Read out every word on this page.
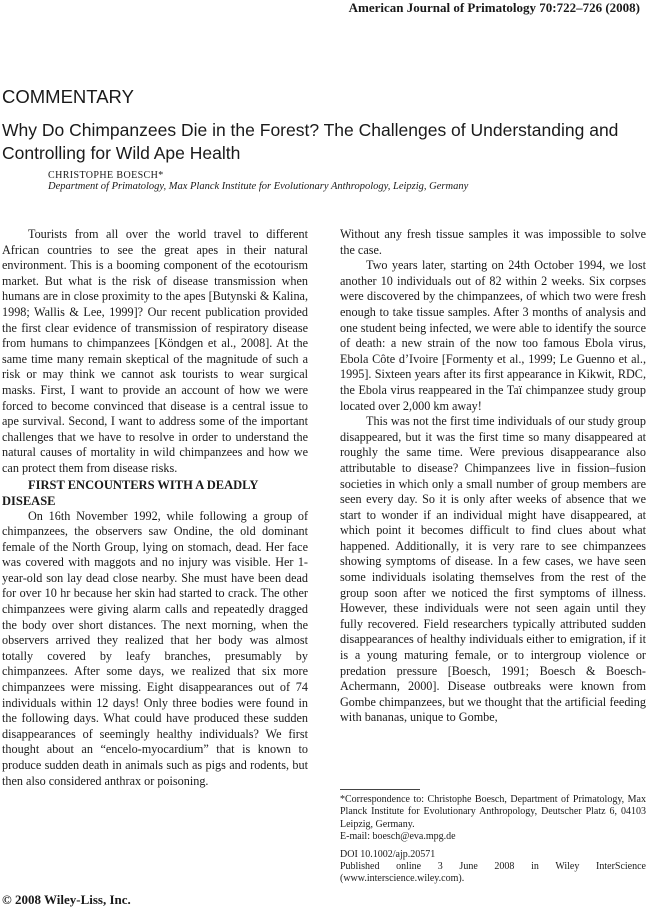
American Journal of Primatology 70:722–726 (2008)
COMMENTARY
Why Do Chimpanzees Die in the Forest? The Challenges of Understanding and Controlling for Wild Ape Health
CHRISTOPHE BOESCH*
Department of Primatology, Max Planck Institute for Evolutionary Anthropology, Leipzig, Germany

Tourists from all over the world travel to different African countries to see the great apes in their natural environment. This is a booming component of the ecotourism market. But what is the risk of disease transmission when humans are in close proximity to the apes [Butynski & Kalina, 1998; Wallis & Lee, 1999]? Our recent publication provided the first clear evidence of transmission of respiratory disease from humans to chimpanzees [Köndgen et al., 2008]. At the same time many remain skeptical of the magnitude of such a risk or may think we cannot ask tourists to wear surgical masks. First, I want to provide an account of how we were forced to become convinced that disease is a central issue to ape survival. Second, I want to address some of the important challenges that we have to resolve in order to understand the natural causes of mortality in wild chimpanzees and how we can protect them from disease risks.

FIRST ENCOUNTERS WITH A DEADLY DISEASE

On 16th November 1992, while following a group of chimpanzees, the observers saw Ondine, the old dominant female of the North Group, lying on stomach, dead. Her face was covered with maggots and no injury was visible. Her 1-year-old son lay dead close nearby. She must have been dead for over 10 hr because her skin had started to crack. The other chimpanzees were giving alarm calls and repeatedly dragged the body over short distances. The next morning, when the observers arrived they realized that her body was almost totally covered by leafy branches, presumably by chimpanzees. After some days, we realized that six more chimpanzees were missing. Eight disappearances out of 74 individuals within 12 days! Only three bodies were found in the following days. What could have produced these sudden disappearances of seemingly healthy individuals? We first thought about an “encelo-myocardium” that is known to produce sudden death in animals such as pigs and rodents, but then also considered anthrax or poisoning.

Without any fresh tissue samples it was impossible to solve the case.

Two years later, starting on 24th October 1994, we lost another 10 individuals out of 82 within 2 weeks. Six corpses were discovered by the chimpanzees, of which two were fresh enough to take tissue samples. After 3 months of analysis and one student being infected, we were able to identify the source of death: a new strain of the now too famous Ebola virus, Ebola Côte d’Ivoire [Formenty et al., 1999; Le Guenno et al., 1995]. Sixteen years after its first appearance in Kikwit, RDC, the Ebola virus reappeared in the Taï chimpanzee study group located over 2,000 km away!

This was not the first time individuals of our study group disappeared, but it was the first time so many disappeared at roughly the same time. Were previous disappearance also attributable to disease? Chimpanzees live in fission–fusion societies in which only a small number of group members are seen every day. So it is only after weeks of absence that we start to wonder if an individual might have disappeared, at which point it becomes difficult to find clues about what happened. Additionally, it is very rare to see chimpanzees showing symptoms of disease. In a few cases, we have seen some individuals isolating themselves from the rest of the group soon after we noticed the first symptoms of illness. However, these individuals were not seen again until they fully recovered. Field researchers typically attributed sudden disappearances of healthy individuals either to emigration, if it is a young maturing female, or to intergroup violence or predation pressure [Boesch, 1991; Boesch & Boesch-Achermann, 2000]. Disease outbreaks were known from Gombe chimpanzees, but we thought that the artificial feeding with bananas, unique to Gombe,

*Correspondence to: Christophe Boesch, Department of Primatology, Max Planck Institute for Evolutionary Anthropology, Deutscher Platz 6, 04103 Leipzig, Germany.

E-mail: boesch@eva.mpg.de

DOI 10.1002/ajp.20571

Published online 3 June 2008 in Wiley InterScience (www.interscience.wiley.com).

© 2008 Wiley-Liss, Inc.
